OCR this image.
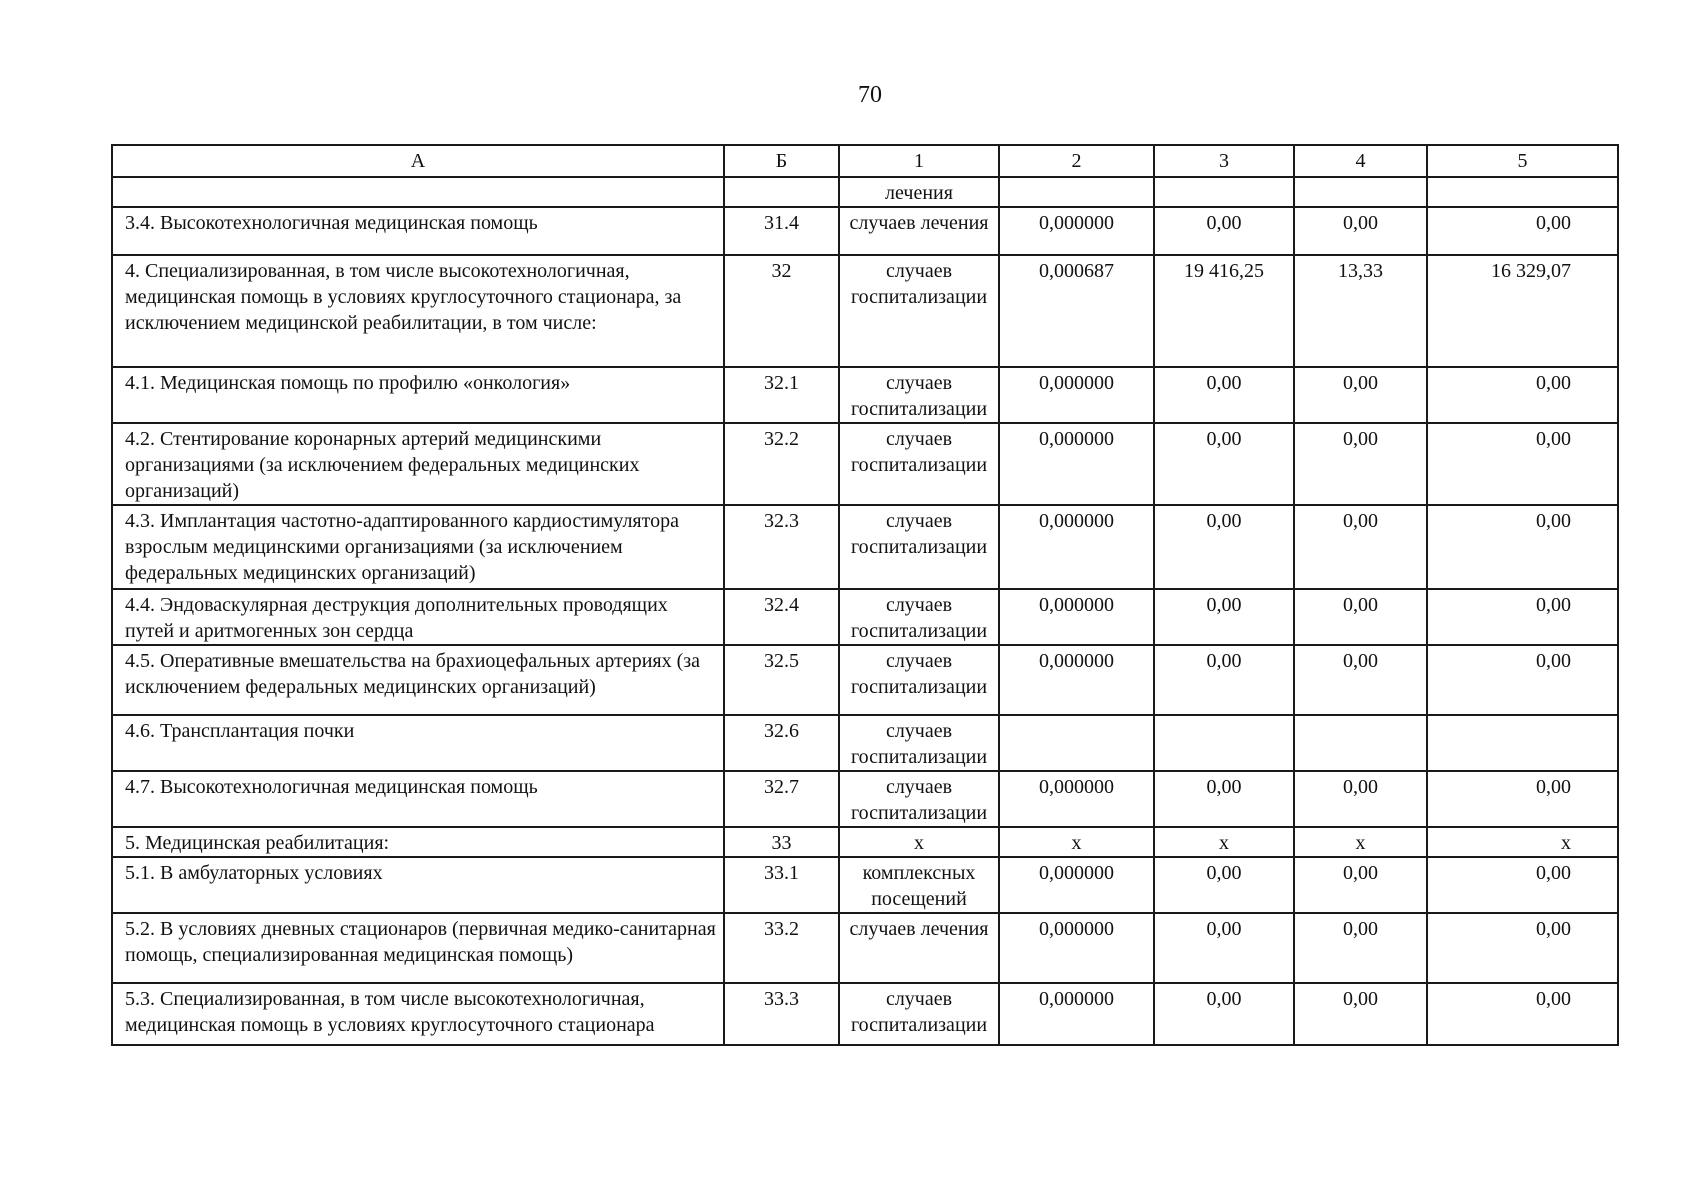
70
А	Б	1	2	3	4	5
		лечения				
3.4. Высокотехнологичная медицинская помощь	31.4	случаев лечения	0,000000	0,00	0,00	0,00
4. Специализированная, в том числе высокотехнологичная, медицинская помощь в условиях круглосуточного стационара, за исключением медицинской реабилитации, в том числе:	32	случаев госпитализации	0,000687	19 416,25	13,33	16 329,07
4.1. Медицинская помощь по профилю «онкология»	32.1	случаев госпитализации	0,000000	0,00	0,00	0,00
4.2. Стентирование коронарных артерий медицинскими организациями (за исключением федеральных медицинских организаций)	32.2	случаев госпитализации	0,000000	0,00	0,00	0,00
4.3. Имплантация частотно-адаптированного кардиостимулятора взрослым медицинскими организациями (за исключением федеральных медицинских организаций)	32.3	случаев госпитализации	0,000000	0,00	0,00	0,00
4.4. Эндоваскулярная деструкция дополнительных проводящих путей и аритмогенных зон сердца	32.4	случаев госпитализации	0,000000	0,00	0,00	0,00
4.5. Оперативные вмешательства на брахиоцефальных артериях (за исключением федеральных медицинских организаций)	32.5	случаев госпитализации	0,000000	0,00	0,00	0,00
4.6. Трансплантация почки	32.6	случаев госпитализации				
4.7. Высокотехнологичная медицинская помощь	32.7	случаев госпитализации	0,000000	0,00	0,00	0,00
5. Медицинская реабилитация:	33	х	х	х	х	х
5.1. В амбулаторных условиях	33.1	комплексных посещений	0,000000	0,00	0,00	0,00
5.2. В условиях дневных стационаров (первичная медико-санитарная помощь, специализированная медицинская помощь)	33.2	случаев лечения	0,000000	0,00	0,00	0,00
5.3. Специализированная, в том числе высокотехнологичная, медицинская помощь в условиях круглосуточного стационара	33.3	случаев госпитализации	0,000000	0,00	0,00	0,00
